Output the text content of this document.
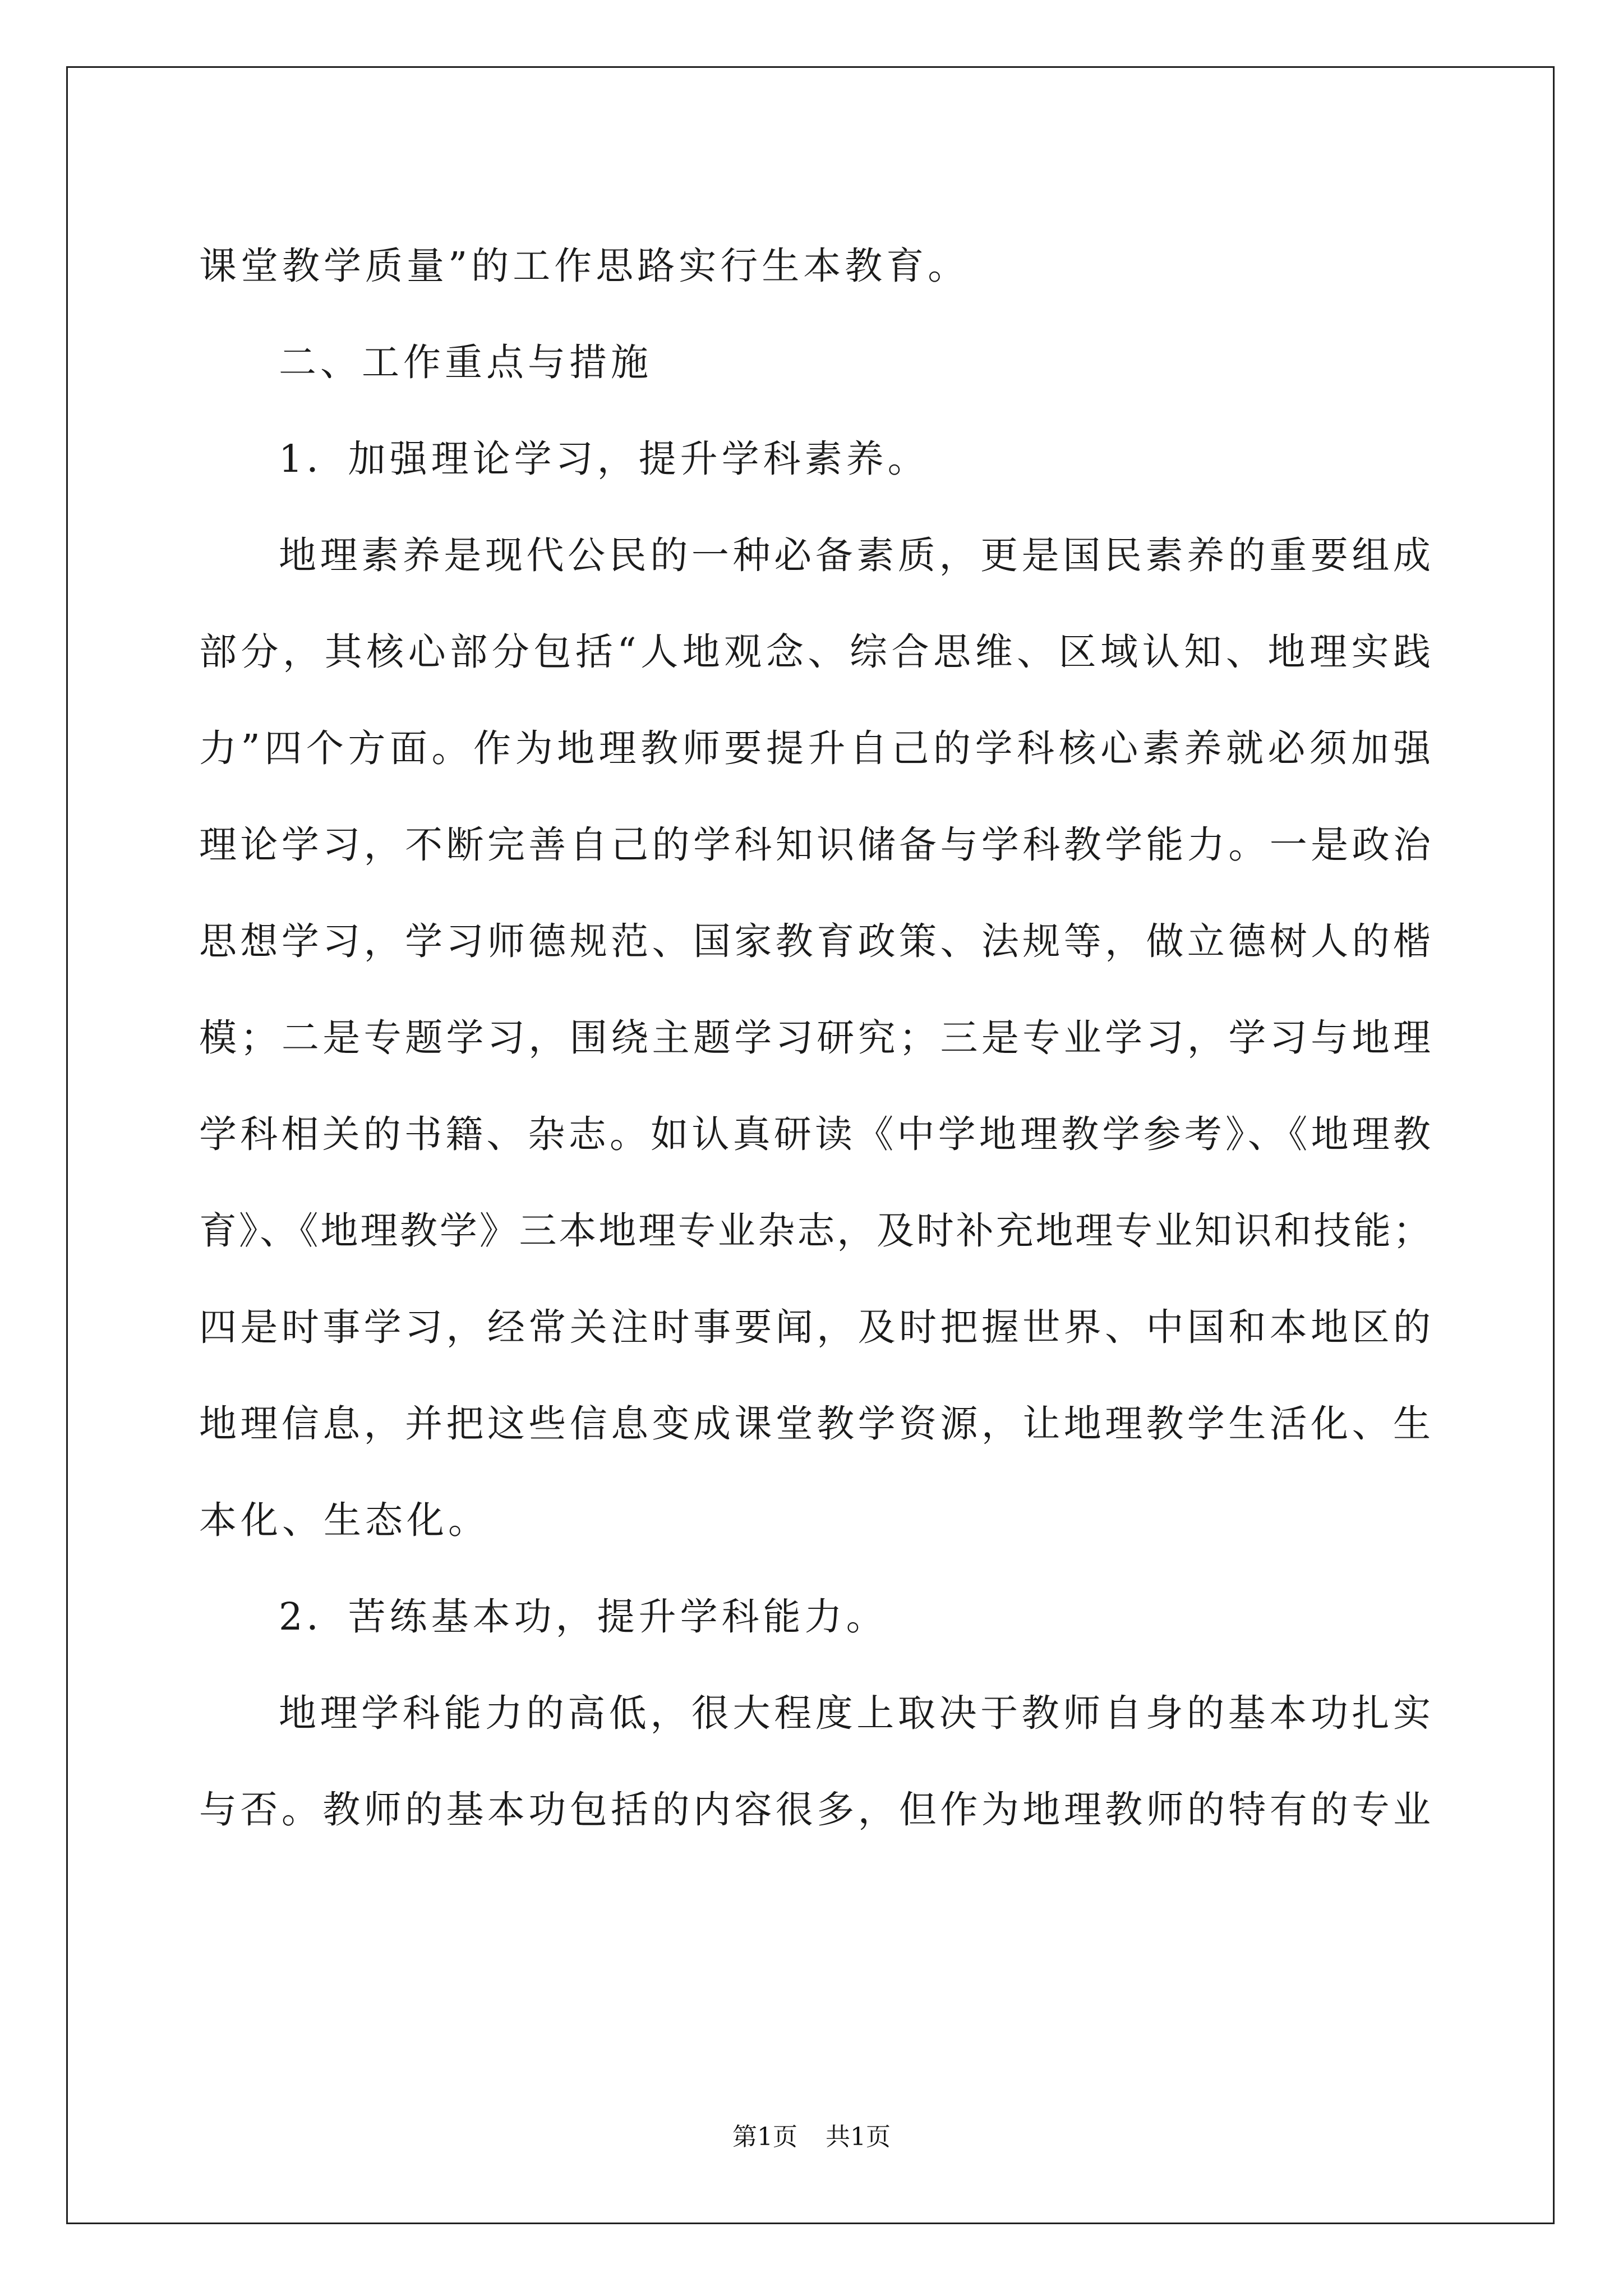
课堂教学质量”的工作思路实行生本教育。
二、工作重点与措施
1．加强理论学习，提升学科素养。
地理素养是现代公民的一种必备素质，更是国民素养的重要组成
部分，其核心部分包括“人地观念、综合思维、区域认知、地理实践
力”四个方面。作为地理教师要提升自己的学科核心素养就必须加强
理论学习，不断完善自己的学科知识储备与学科教学能力。一是政治
思想学习，学习师德规范、国家教育政策、法规等，做立德树人的楷
模；二是专题学习，围绕主题学习研究；三是专业学习，学习与地理
学科相关的书籍、杂志。如认真研读《中学地理教学参考》、《地理教
育》、《地理教学》三本地理专业杂志，及时补充地理专业知识和技能；
四是时事学习，经常关注时事要闻，及时把握世界、中国和本地区的
地理信息，并把这些信息变成课堂教学资源，让地理教学生活化、生
本化、生态化。
2．苦练基本功，提升学科能力。
地理学科能力的高低，很大程度上取决于教师自身的基本功扎实
与否。教师的基本功包括的内容很多，但作为地理教师的特有的专业
第1页 共1页
